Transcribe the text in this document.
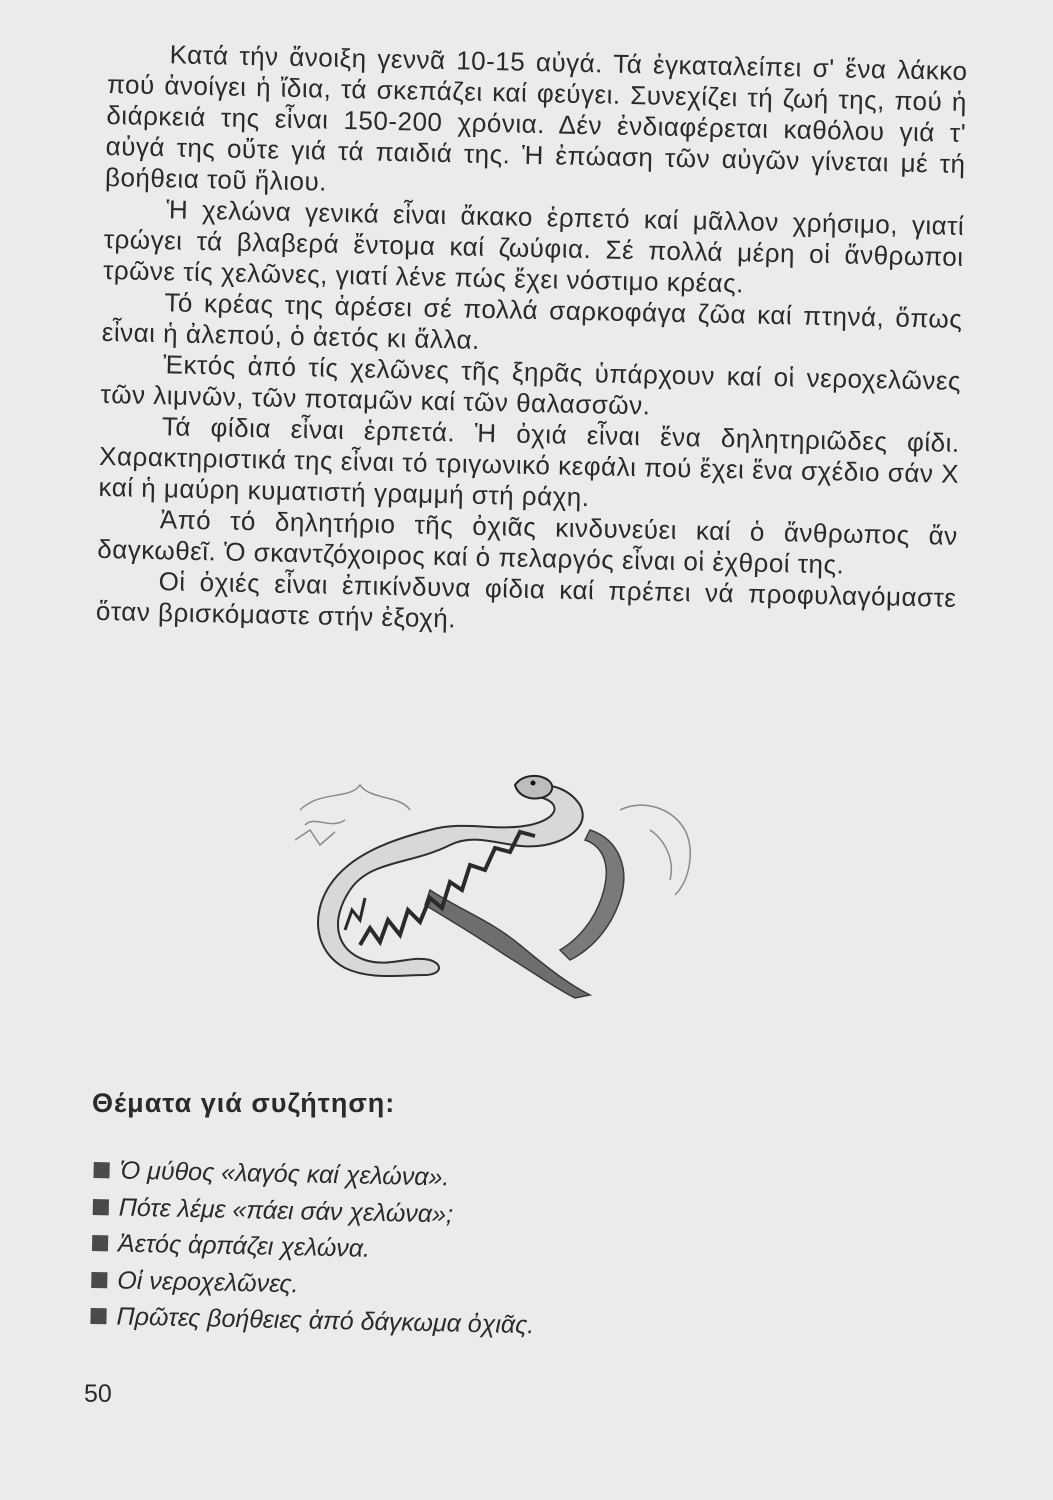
Κατά τήν ἄνοιξη γεννᾶ 10-15 αὐγά. Τά ἐγκαταλείπει σ' ἕνα λάκκο πού ἀνοίγει ἡ ἴδια, τά σκεπάζει καί φεύγει. Συνεχίζει τή ζωή της, πού ἡ διάρκειά της εἶναι 150-200 χρόνια. Δέν ἐνδιαφέρεται καθόλου γιά τ' αὐγά της οὔτε γιά τά παιδιά της. Ἡ ἐπώαση τῶν αὐγῶν γίνεται μέ τή βοήθεια τοῦ ἥλιου.

Ἡ χελώνα γενικά εἶναι ἄκακο ἑρπετό καί μᾶλλον χρήσιμο, γιατί τρώγει τά βλαβερά ἔντομα καί ζωύφια. Σέ πολλά μέρη οἱ ἄνθρωποι τρῶνε τίς χελῶνες, γιατί λένε πώς ἔχει νόστιμο κρέας.

Τό κρέας της ἀρέσει σέ πολλά σαρκοφάγα ζῶα καί πτηνά, ὅπως εἶναι ἡ ἀλεπού, ὁ ἀετός κι ἄλλα.

Ἐκτός ἀπό τίς χελῶνες τῆς ξηρᾶς ὑπάρχουν καί οἱ νεροχελῶνες τῶν λιμνῶν, τῶν ποταμῶν καί τῶν θαλασσῶν.

Τά φίδια εἶναι ἑρπετά. Ἡ ὀχιά εἶναι ἕνα δηλητηριῶδες φίδι. Χαρακτηριστικά της εἶναι τό τριγωνικό κεφάλι πού ἔχει ἕνα σχέδιο σάν Χ καί ἡ μαύρη κυματιστή γραμμή στή ράχη.

Ἀπό τό δηλητήριο τῆς ὀχιᾶς κινδυνεύει καί ὁ ἄνθρωπος ἄν δαγκωθεῖ. Ὁ σκαντζόχοιρος καί ὁ πελαργός εἶναι οἱ ἐχθροί της.

Οἱ ὀχιές εἶναι ἐπικίνδυνα φίδια καί πρέπει νά προφυλαγόμαστε ὅταν βρισκόμαστε στήν ἐξοχή.

Θέματα γιά συζήτηση:
Ὁ μύθος «λαγός καί χελώνα».
Πότε λέμε «πάει σάν χελώνα»;
Ἀετός ἁρπάζει χελώνα.
Οἱ νεροχελῶνες.
Πρῶτες βοήθειες ἀπό δάγκωμα ὀχιᾶς.

50
